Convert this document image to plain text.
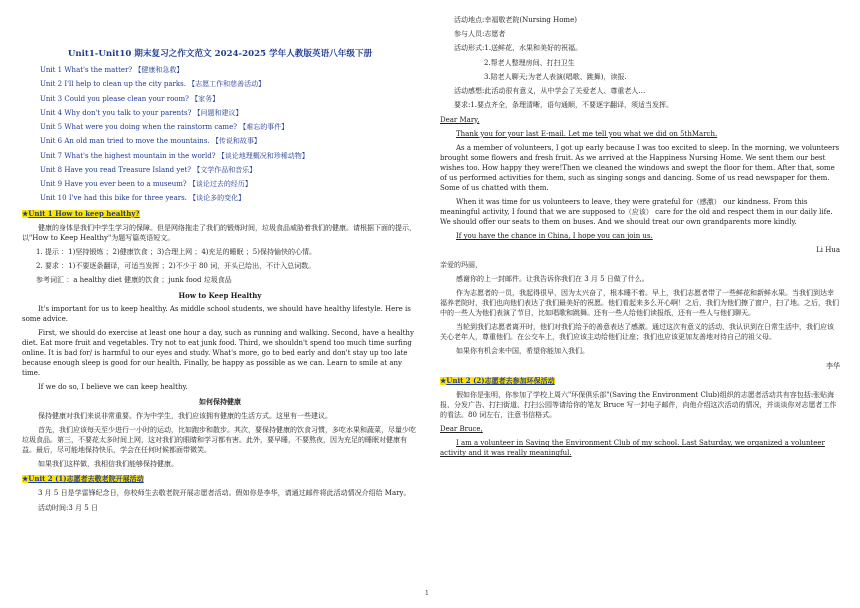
Unit1-Unit10 期末复习之作文范文 2024-2025 学年人教版英语八年级下册
Unit 1 What's the matter? 【健康和急救】
Unit 2 I'll help to clean up the city parks. 【志愿工作和慈善活动】
Unit 3 Could you please clean your room? 【家务】
Unit 4 Why don't you talk to your parents? 【问题和建议】
Unit 5 What were you doing when the rainstorm came? 【难忘的事件】
Unit 6 An old man tried to move the mountains. 【传说和故事】
Unit 7 What's the highest mountain in the world? 【谈论地理概况和珍稀动物】
Unit 8 Have you read Treasure Island yet? 【文学作品和音乐】
Unit 9 Have you ever been to a museum? 【谈论过去的经历】
Unit 10 I've had this bike for three years. 【谈论多的变化】
★Unit 1 How to keep healthy?
健康的身体是我们中学生学习的保障。但是网络拖走了我们的锻炼时间，垃圾食品威胁着我们的健康。请根据下面的提示，以"How to Keep Healthy"为题写篇英语短文。
1. 提示 ：1)坚持锻炼 ；2)健康饮食 ；3)合理上网 ；4)充足的睡眠 ；5)保持愉快的心情。
2. 要求 ：1)不要逐条翻译，可适当发挥 ；2)不少于 80 词，开头已给出，不计入总词数。
参考词汇 ：a healthy diet 健康的饮食 ；junk food 垃圾食品
How to Keep Healthy
It's important for us to keep healthy. As middle school students, we should have healthy lifestyle. Here is some advice.
First, we should do exercise at least one hour a day, such as running and walking. Second, have a healthy diet. Eat more fruit and vegetables. Try not to eat junk food. Third, we shouldn't spend too much time surfing online. It is bad for/ is harmful to our eyes and study. What's more, go to bed early and don't stay up too late because enough sleep is good for our health. Finally, be happy as possible as we can. Learn to smile at any time.
If we do so, I believe we can keep healthy.
如何保持健康
保持健康对我们来说非常重要。作为中学生，我们应该拥有健康的生活方式。这里有一些建议。
首先，我们应该每天至少进行一小时的运动，比如跑步和散步。其次，要保持健康的饮食习惯，多吃水果和蔬菜，尽量少吃垃圾食品。第三，不要花太多时间上网，这对我们的眼睛和学习都有害。此外，要早睡，不要熬夜，因为充足的睡眠对健康有益。最后，尽可能地保持快乐，学会在任何时候都面带微笑。
如果我们这样做，我相信我们能够保持健康。
★Unit 2 (1)志愿者去敬老院开展活动
3 月 5 日是学雷锋纪念日，你校师生去敬老院开展志愿者活动。假如你是李华，请通过邮件将此活动情况介绍给 Mary。
活动时间:3 月 5 日
活动地点:幸福敬老院(Nursing Home)
参与人员:志愿者
活动形式:1.送鲜花、水果和美好的祝福。
2.帮老人整理房间、打扫卫生
3.陪老人聊天;为老人表演(唱歌、跳舞)，读报.
活动感想:此活动很有意义，从中学会了关爱老人、尊重老人…
要求:1.要点齐全，条理清晰，语句通顺，不要逐字翻译，须适当发挥。
Dear Mary,
Thank you for your last E-mail. Let me tell you what we did on 5thMarch.
As a member of volunteers, I got up early because I was too excited to sleep. In the morning, we volunteers brought some flowers and fresh fruit. As we arrived at the Happiness Nursing Home. We sent them our best wishes too. How happy they were!Then we cleaned the windows and swept the floor for them. After that, some of us performed activities for them, such as singing songs and dancing. Some of us read newspaper for them. Some of us chatted with them.
When it was time for us volunteers to leave, they were grateful for（感激） our kindness. From this meaningful activity, I found that we are supposed to（应该） care for the old and respect them in our daily life. We should offer our seats to them on buses. And we should treat our own grandparents more kindly.
If you have the chance in China, I hope you can join us.
Li Hua
亲爱的玛丽，
感谢你的上一封邮件。让我告诉你我们在 3 月 5 日做了什么。
作为志愿者的一员，我起得很早，因为太兴奋了，根本睡不着。早上，我们志愿者带了一些鲜花和新鲜水果。当我们到达幸福养老院时，我们也向他们表达了我们最美好的祝愿。他们看起来多么开心啊！之后，我们为他们擦了窗户，扫了地。之后，我们中的一些人为他们表演了节目，比如唱歌和跳舞。还有一些人给他们读报纸，还有一些人与他们聊天。
当轮到我们志愿者离开时，他们对我们给予的善意表达了感激。通过这次有意义的活动，我认识到在日常生活中，我们应该关心老年人，尊重他们。在公交车上，我们应该主动给他们让座；我们也应该更加友善地对待自己的祖父母。
如果你有机会来中国，希望你能加入我们。
李华
★Unit 2 (2)志愿者去参加环保活动
假如你是张明，你参加了学校上周六"环保俱乐部"(Saving the Environment Club)组织的志愿者活动共有容包括:张贴海报、分发广告、打扫街道、打扫公园等请给你的笔友 Bruce 写一封电子邮件，向他介绍这次活动的情况，并谈谈你对志愿者工作的看法。80 词左右，注意书信格式。
Dear Bruce,
I am a volunteer in Saving the Environment Club of my school. Last Saturday, we organized a volunteer activity and it was really meaningful.
1
